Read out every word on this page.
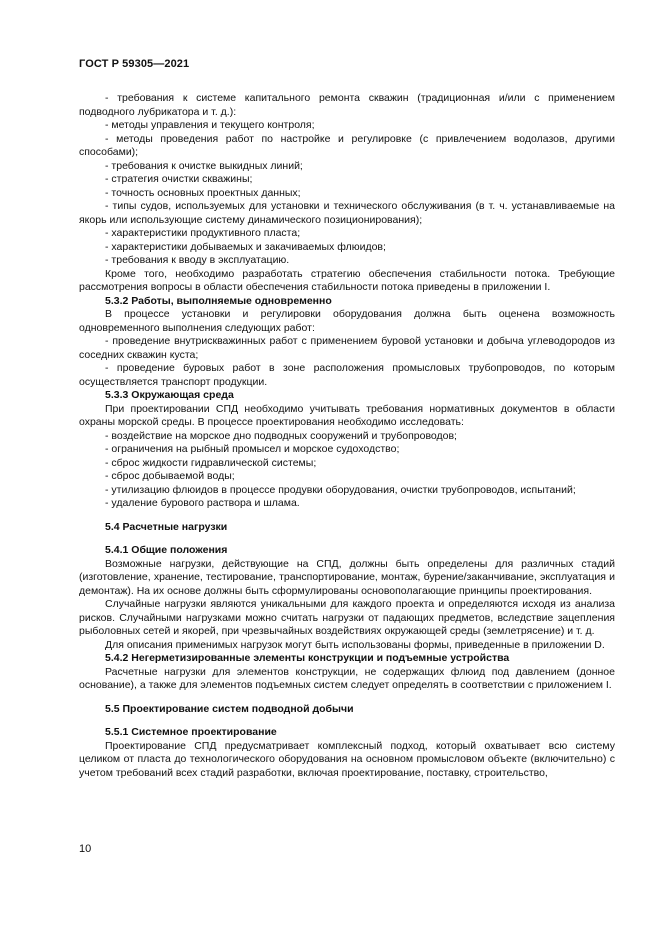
ГОСТ Р 59305—2021

- требования к системе капитального ремонта скважин (традиционная и/или с применением подводного лубрикатора и т. д.):

- методы управления и текущего контроля;

- методы проведения работ по настройке и регулировке (с привлечением водолазов, другими способами);

- требования к очистке выкидных линий;

- стратегия очистки скважины;

- точность основных проектных данных;

- типы судов, используемых для установки и технического обслуживания (в т. ч. устанавливаемые на якорь или использующие систему динамического позиционирования);

- характеристики продуктивного пласта;

- характеристики добываемых и закачиваемых флюидов;

- требования к вводу в эксплуатацию.

Кроме того, необходимо разработать стратегию обеспечения стабильности потока. Требующие рассмотрения вопросы в области обеспечения стабильности потока приведены в приложении I.

5.3.2 Работы, выполняемые одновременно

В процессе установки и регулировки оборудования должна быть оценена возможность одновременного выполнения следующих работ:

- проведение внутрискважинных работ с применением буровой установки и добыча углеводородов из соседних скважин куста;

- проведение буровых работ в зоне расположения промысловых трубопроводов, по которым осуществляется транспорт продукции.

5.3.3 Окружающая среда

При проектировании СПД необходимо учитывать требования нормативных документов в области охраны морской среды. В процессе проектирования необходимо исследовать:

- воздействие на морское дно подводных сооружений и трубопроводов;

- ограничения на рыбный промысел и морское судоходство;

- сброс жидкости гидравлической системы;

- сброс добываемой воды;

- утилизацию флюидов в процессе продувки оборудования, очистки трубопроводов, испытаний;

- удаление бурового раствора и шлама.

5.4 Расчетные нагрузки
5.4.1 Общие положения

Возможные нагрузки, действующие на СПД, должны быть определены для различных стадий (изготовление, хранение, тестирование, транспортирование, монтаж, бурение/заканчивание, эксплуатация и демонтаж). На их основе должны быть сформулированы основополагающие принципы проектирования.

Случайные нагрузки являются уникальными для каждого проекта и определяются исходя из анализа рисков. Случайными нагрузками можно считать нагрузки от падающих предметов, вследствие зацепления рыболовных сетей и якорей, при чрезвычайных воздействиях окружающей среды (землетрясение) и т. д.

Для описания применимых нагрузок могут быть использованы формы, приведенные в приложении D.

5.4.2 Негерметизированные элементы конструкции и подъемные устройства

Расчетные нагрузки для элементов конструкции, не содержащих флюид под давлением (донное основание), а также для элементов подъемных систем следует определять в соответствии с приложением I.

5.5 Проектирование систем подводной добычи
5.5.1 Системное проектирование

Проектирование СПД предусматривает комплексный подход, который охватывает всю систему целиком от пласта до технологического оборудования на основном промысловом объекте (включительно) с учетом требований всех стадий разработки, включая проектирование, поставку, строительство,

10
